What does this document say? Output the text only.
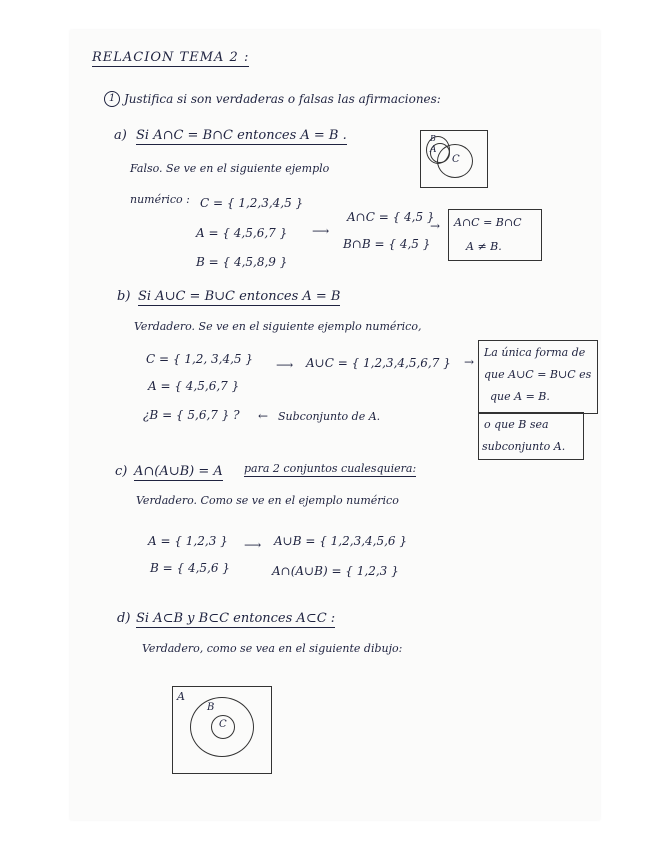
RELACION TEMA 2 :
1 Justifica si son verdaderas o falsas las afirmaciones:
a) Si A∩C = B∩C entonces A = B .
Falso. Se ve en el siguiente ejemplo
numérico : C = { 1,2,3,4,5 }
A = { 4,5,6,7 }
B = { 4,5,8,9 }
⟶
A∩C = { 4,5 }
B∩B = { 4,5 }
→ A∩C = B∩C
A ≠ B.
B
A
C
b) Si A∪C = B∪C entonces A = B
Verdadero. Se ve en el siguiente ejemplo numérico,
C = { 1,2, 3,4,5 } ⟶ A∪C = { 1,2,3,4,5,6,7 } →
A = { 4,5,6,7 }
¿B = { 5,6,7 } ? ← Subconjunto de A.
La única forma de
que A∪C = B∪C es
que A = B.
o que B sea
subconjunto A.
c) A∩(A∪B) = A para 2 conjuntos cualesquiera:
Verdadero. Como se ve en el ejemplo numérico
A = { 1,2,3 } ⟶ A∪B = { 1,2,3,4,5,6 }
B = { 4,5,6 }	A∩(A∪B) = { 1,2,3 }
d) Si A⊂B y B⊂C entonces A⊂C :
Verdadero, como se vea en el siguiente dibujo:
A
B
C
